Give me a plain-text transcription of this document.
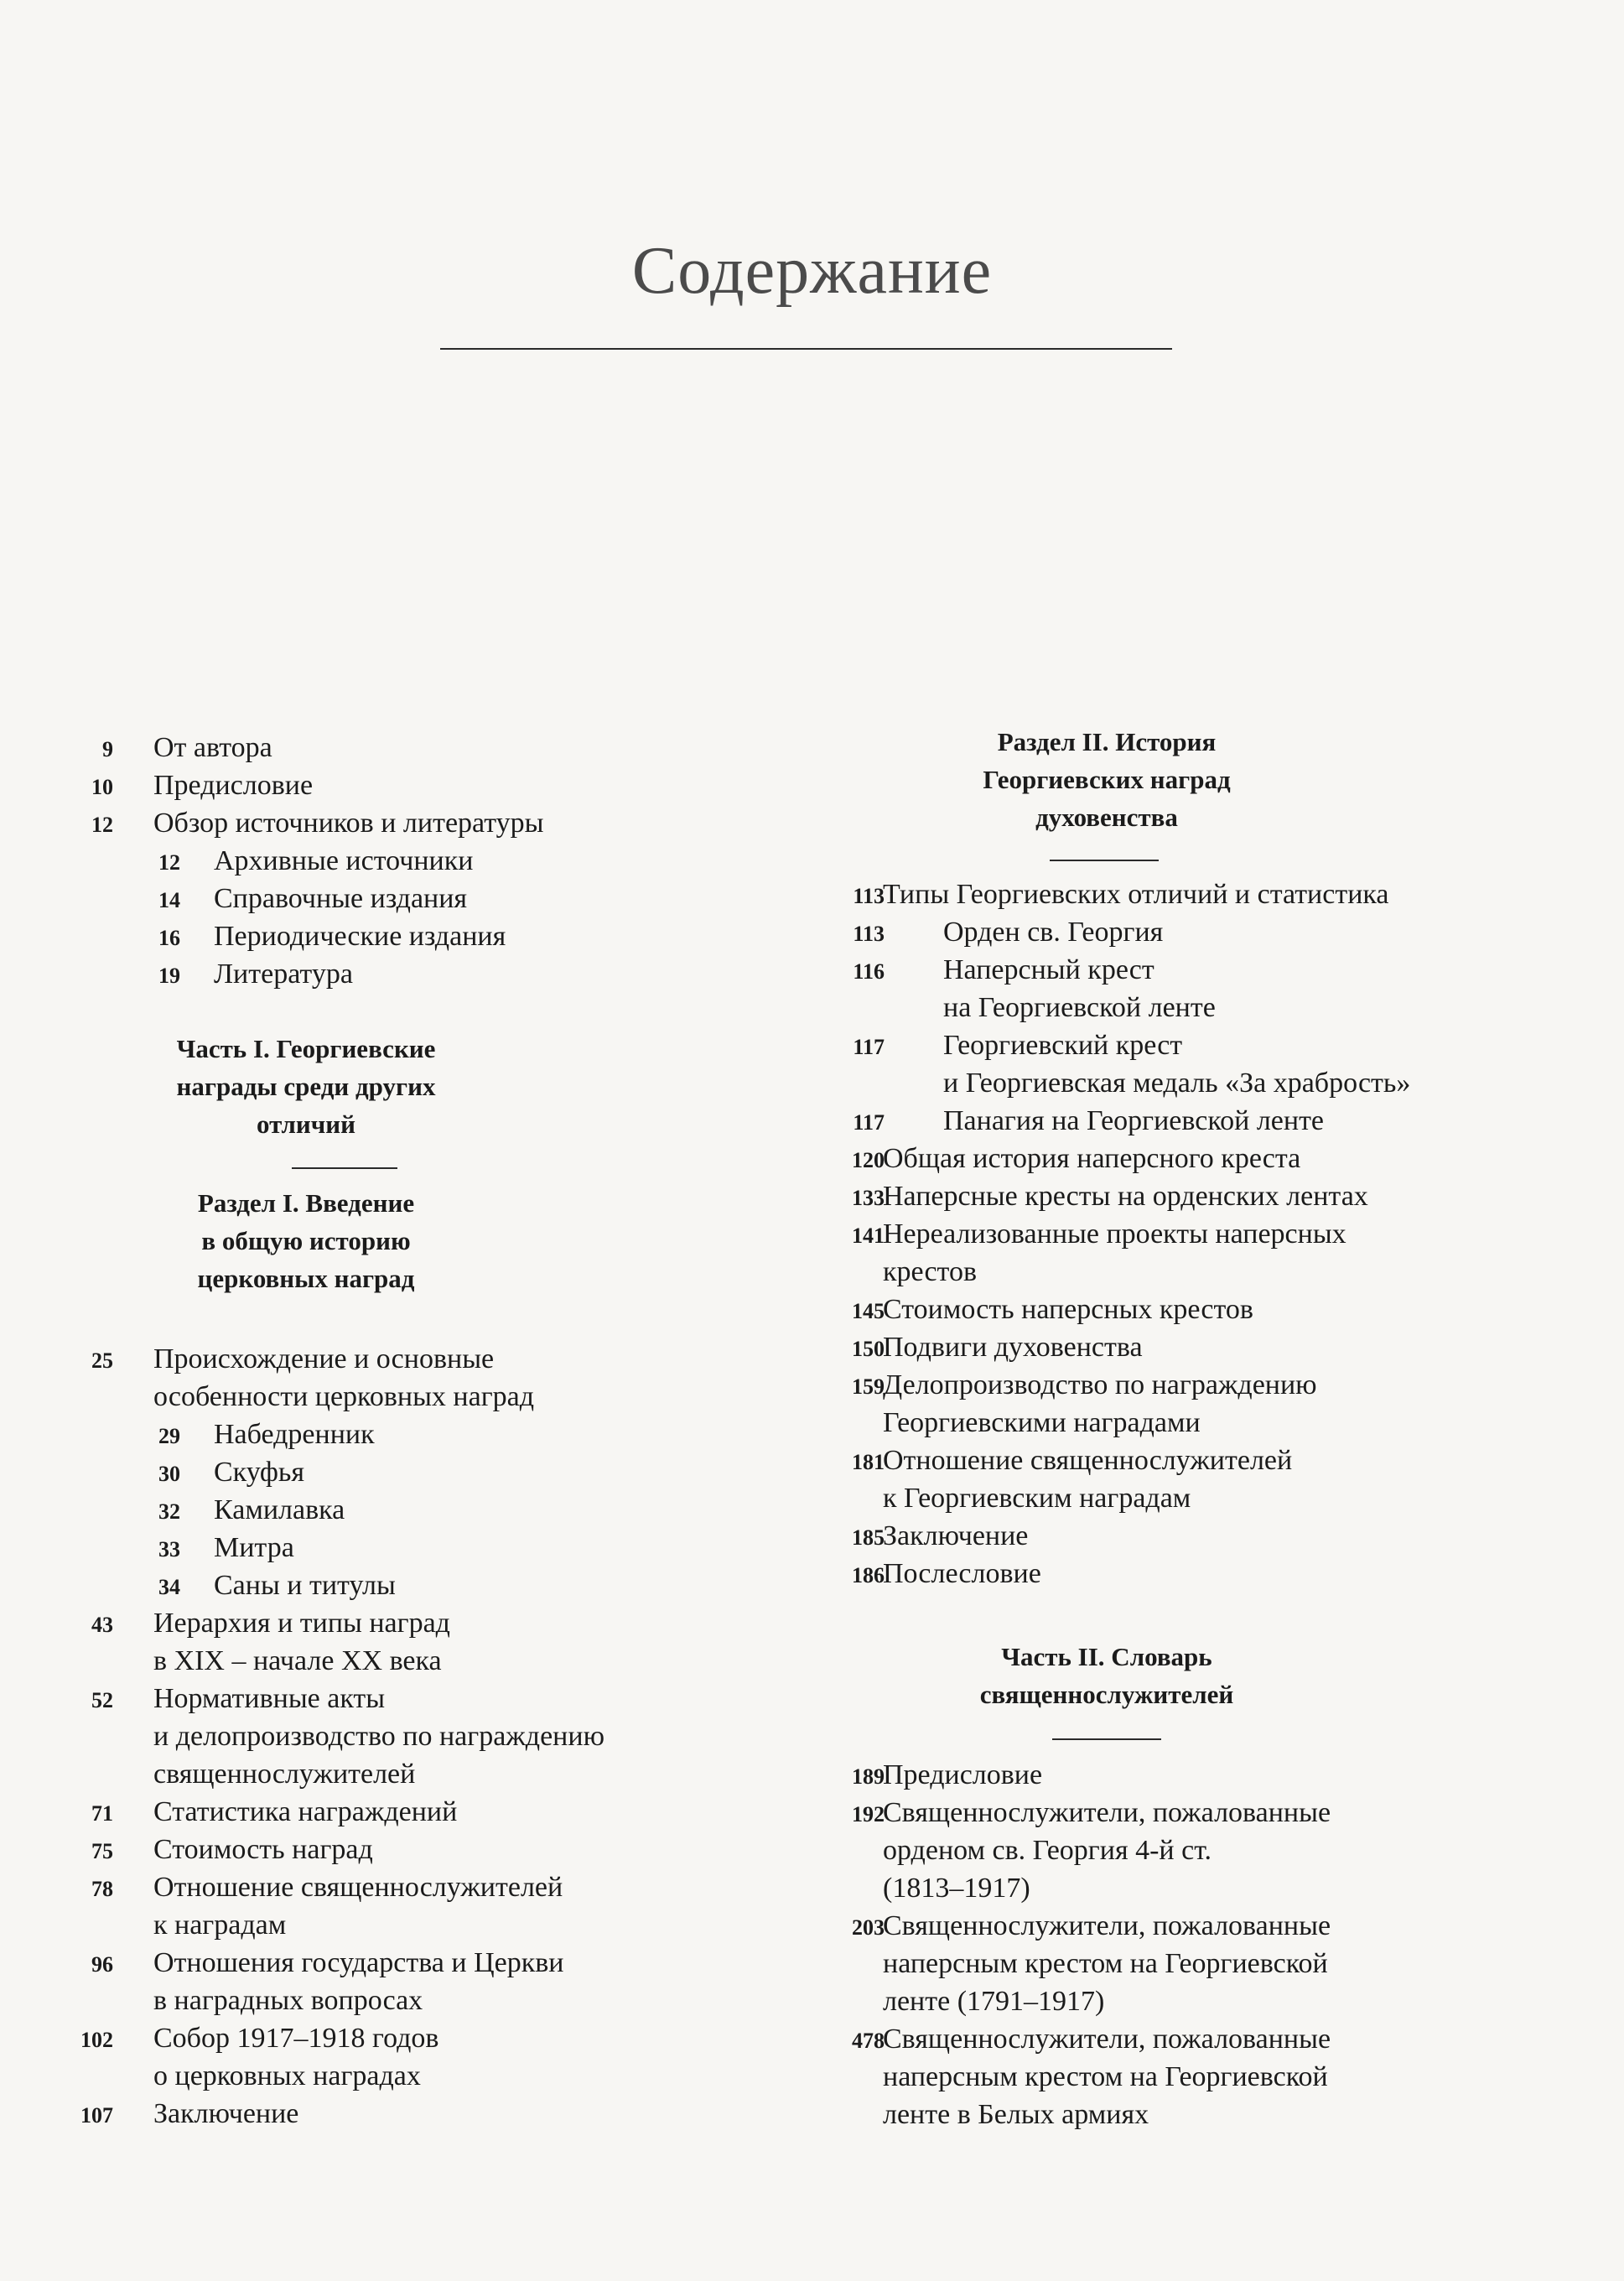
Содержание
9 От автора
10 Предисловие
12 Обзор источников и литературы
12 Архивные источники
14 Справочные издания
16 Периодические издания
19 Литература
Часть I. Георгиевские
награды среди других
отличий
Раздел I. Введение
в общую историю
церковных наград
25 Происхождение и основные
особенности церковных наград
29 Набедренник
30 Скуфья
32 Камилавка
33 Митра
34 Саны и титулы
43 Иерархия и типы наград
в XIX – начале XX века
52 Нормативные акты
и делопроизводство по награждению
священнослужителей
71 Статистика награждений
75 Стоимость наград
78 Отношение священнослужителей
к наградам
96 Отношения государства и Церкви
в наградных вопросах
102 Собор 1917–1918 годов
о церковных наградах
107 Заключение
Раздел II. История
Георгиевских наград
духовенства
113
Типы Георгиевских отличий и статистика
113 Орден св. Георгия
116 Наперсный крест
на Георгиевской ленте
117 Георгиевский крест
и Георгиевская медаль «За храбрость»
117 Панагия на Георгиевской ленте
120
Общая история наперсного креста
133
Наперсные кресты на орденских лентах
141
Нереализованные проекты наперсных
крестов
145
Стоимость наперсных крестов
150
Подвиги духовенства
159
Делопроизводство по награждению
Георгиевскими наградами
181
Отношение священнослужителей
к Георгиевским наградам
185
Заключение
186
Послесловие
Часть II. Словарь
священнослужителей
189
Предисловие
192
Священнослужители, пожалованные
орденом св. Георгия 4-й ст.
(1813–1917)
203
Священнослужители, пожалованные
наперсным крестом на Георгиевской
ленте (1791–1917)
478
Священнослужители, пожалованные
наперсным крестом на Георгиевской
ленте в Белых армиях
